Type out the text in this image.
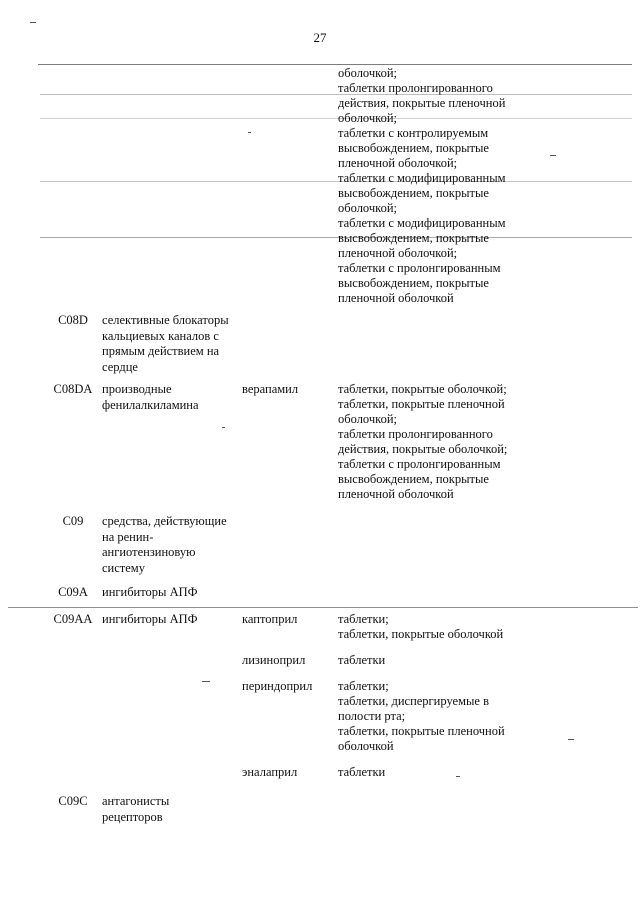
27
оболочкой;
таблетки пролонгированного
действия, покрытые пленочной
оболочкой;
таблетки с контролируемым
высвобождением, покрытые
пленочной оболочкой;
таблетки с модифицированным
высвобождением, покрытые
оболочкой;
таблетки с модифицированным
высвобождением, покрытые
пленочной оболочкой;
таблетки с пролонгированным
высвобождением, покрытые
пленочной оболочкой
C08D	селективные блокаторы
кальциевых каналов с
прямым действием на
сердце
C08DA производные
фенилалкиламина
верапамил	таблетки, покрытые оболочкой;
таблетки, покрытые пленочной
оболочкой;
таблетки пролонгированного
действия, покрытые оболочкой;
таблетки с пролонгированным
высвобождением, покрытые
пленочной оболочкой
C09	средства, действующие
на ренин-
ангиотензиновую
систему
C09A	ингибиторы АПФ
C09AA ингибиторы АПФ	каптоприл	таблетки;
таблетки, покрытые оболочкой
лизиноприл	таблетки
периндоприл	таблетки;
таблетки, диспергируемые в
полости рта;
таблетки, покрытые пленочной
оболочкой
эналаприл	таблетки
C09C	антагонисты
рецепторов
